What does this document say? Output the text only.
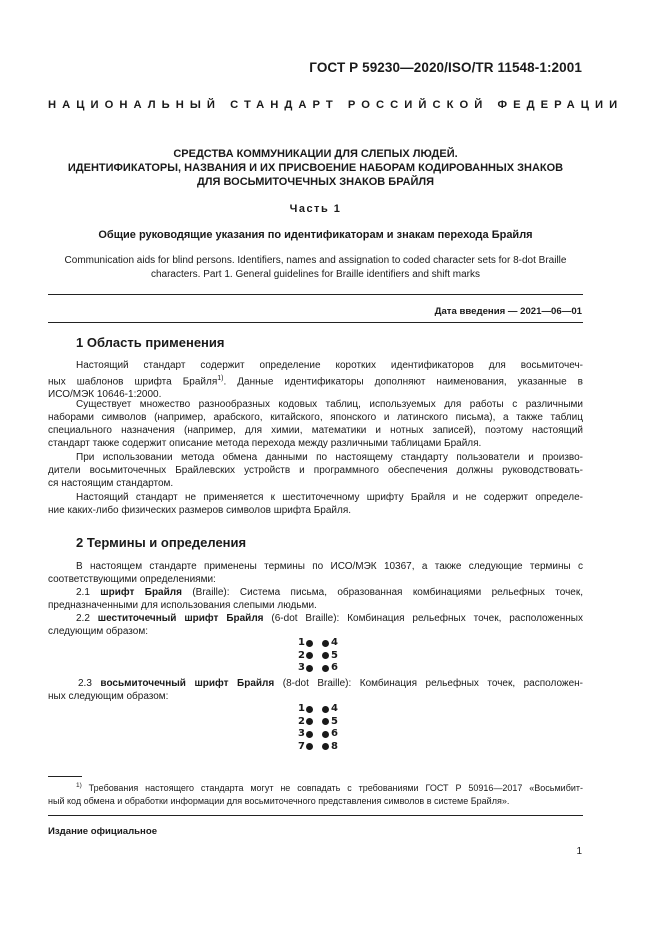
ГОСТ Р 59230—2020/ISO/TR 11548-1:2001
НАЦИОНАЛЬНЫЙ СТАНДАРТ РОССИЙСКОЙ ФЕДЕРАЦИИ
СРЕДСТВА КОММУНИКАЦИИ ДЛЯ СЛЕПЫХ ЛЮДЕЙ.
ИДЕНТИФИКАТОРЫ, НАЗВАНИЯ И ИХ ПРИСВОЕНИЕ НАБОРАМ КОДИРОВАННЫХ ЗНАКОВ
ДЛЯ ВОСЬМИТОЧЕЧНЫХ ЗНАКОВ БРАЙЛЯ
Часть 1
Общие руководящие указания по идентификаторам и знакам перехода Брайля
Communication aids for blind persons. Identifiers, names and assignation to coded character sets for 8-dot Braille
characters. Part 1. General guidelines for Braille identifiers and shift marks
Дата введения — 2021—06—01
1 Область применения
Настоящий стандарт содержит определение коротких идентификаторов для восьмиточеч-
ных шаблонов шрифта Брайля$^{1)}$. Данные идентификаторы дополняют наименования, указанные в
ИСО/МЭК 10646-1:2000.
Существует множество разнообразных кодовых таблиц, используемых для работы с различными
наборами символов (например, арабского, китайского, японского и латинского письма), а также таблиц
специального назначения (например, для химии, математики и нотных записей), поэтому настоящий
стандарт также содержит описание метода перехода между различными таблицами Брайля.
При использовании метода обмена данными по настоящему стандарту пользователи и произво-
дители восьмиточечных Брайлевских устройств и программного обеспечения должны руководствовать-
ся настоящим стандартом.
Настоящий стандарт не применяется к шеститочечному шрифту Брайля и не содержит определе-
ние каких-либо физических размеров символов шрифта Брайля.
2 Термины и определения
В настоящем стандарте применены термины по ИСО/МЭК 10367, а также следующие термины с
соответствующими определениями:
2.1 шрифт Брайля (Braille): Система письма, образованная комбинациями рельефных точек,
предназначенными для использования слепыми людьми.
2.2 шеститочечный шрифт Брайля (6-dot Braille): Комбинация рельефных точек, расположенных
следующим образом:
1	4
2	5
3	6
2.3 восьмиточечный шрифт Брайля (8-dot Braille): Комбинация рельефных точек, расположен-
ных следующим образом:
1	4
2	5
3	6
7	8
$^{1)}$ Требования настоящего стандарта могут не совпадать с требованиями ГОСТ Р 50916—2017 «Восьмибит-
ный код обмена и обработки информации для восьмиточечного представления символов в системе Брайля».
Издание официальное
1
